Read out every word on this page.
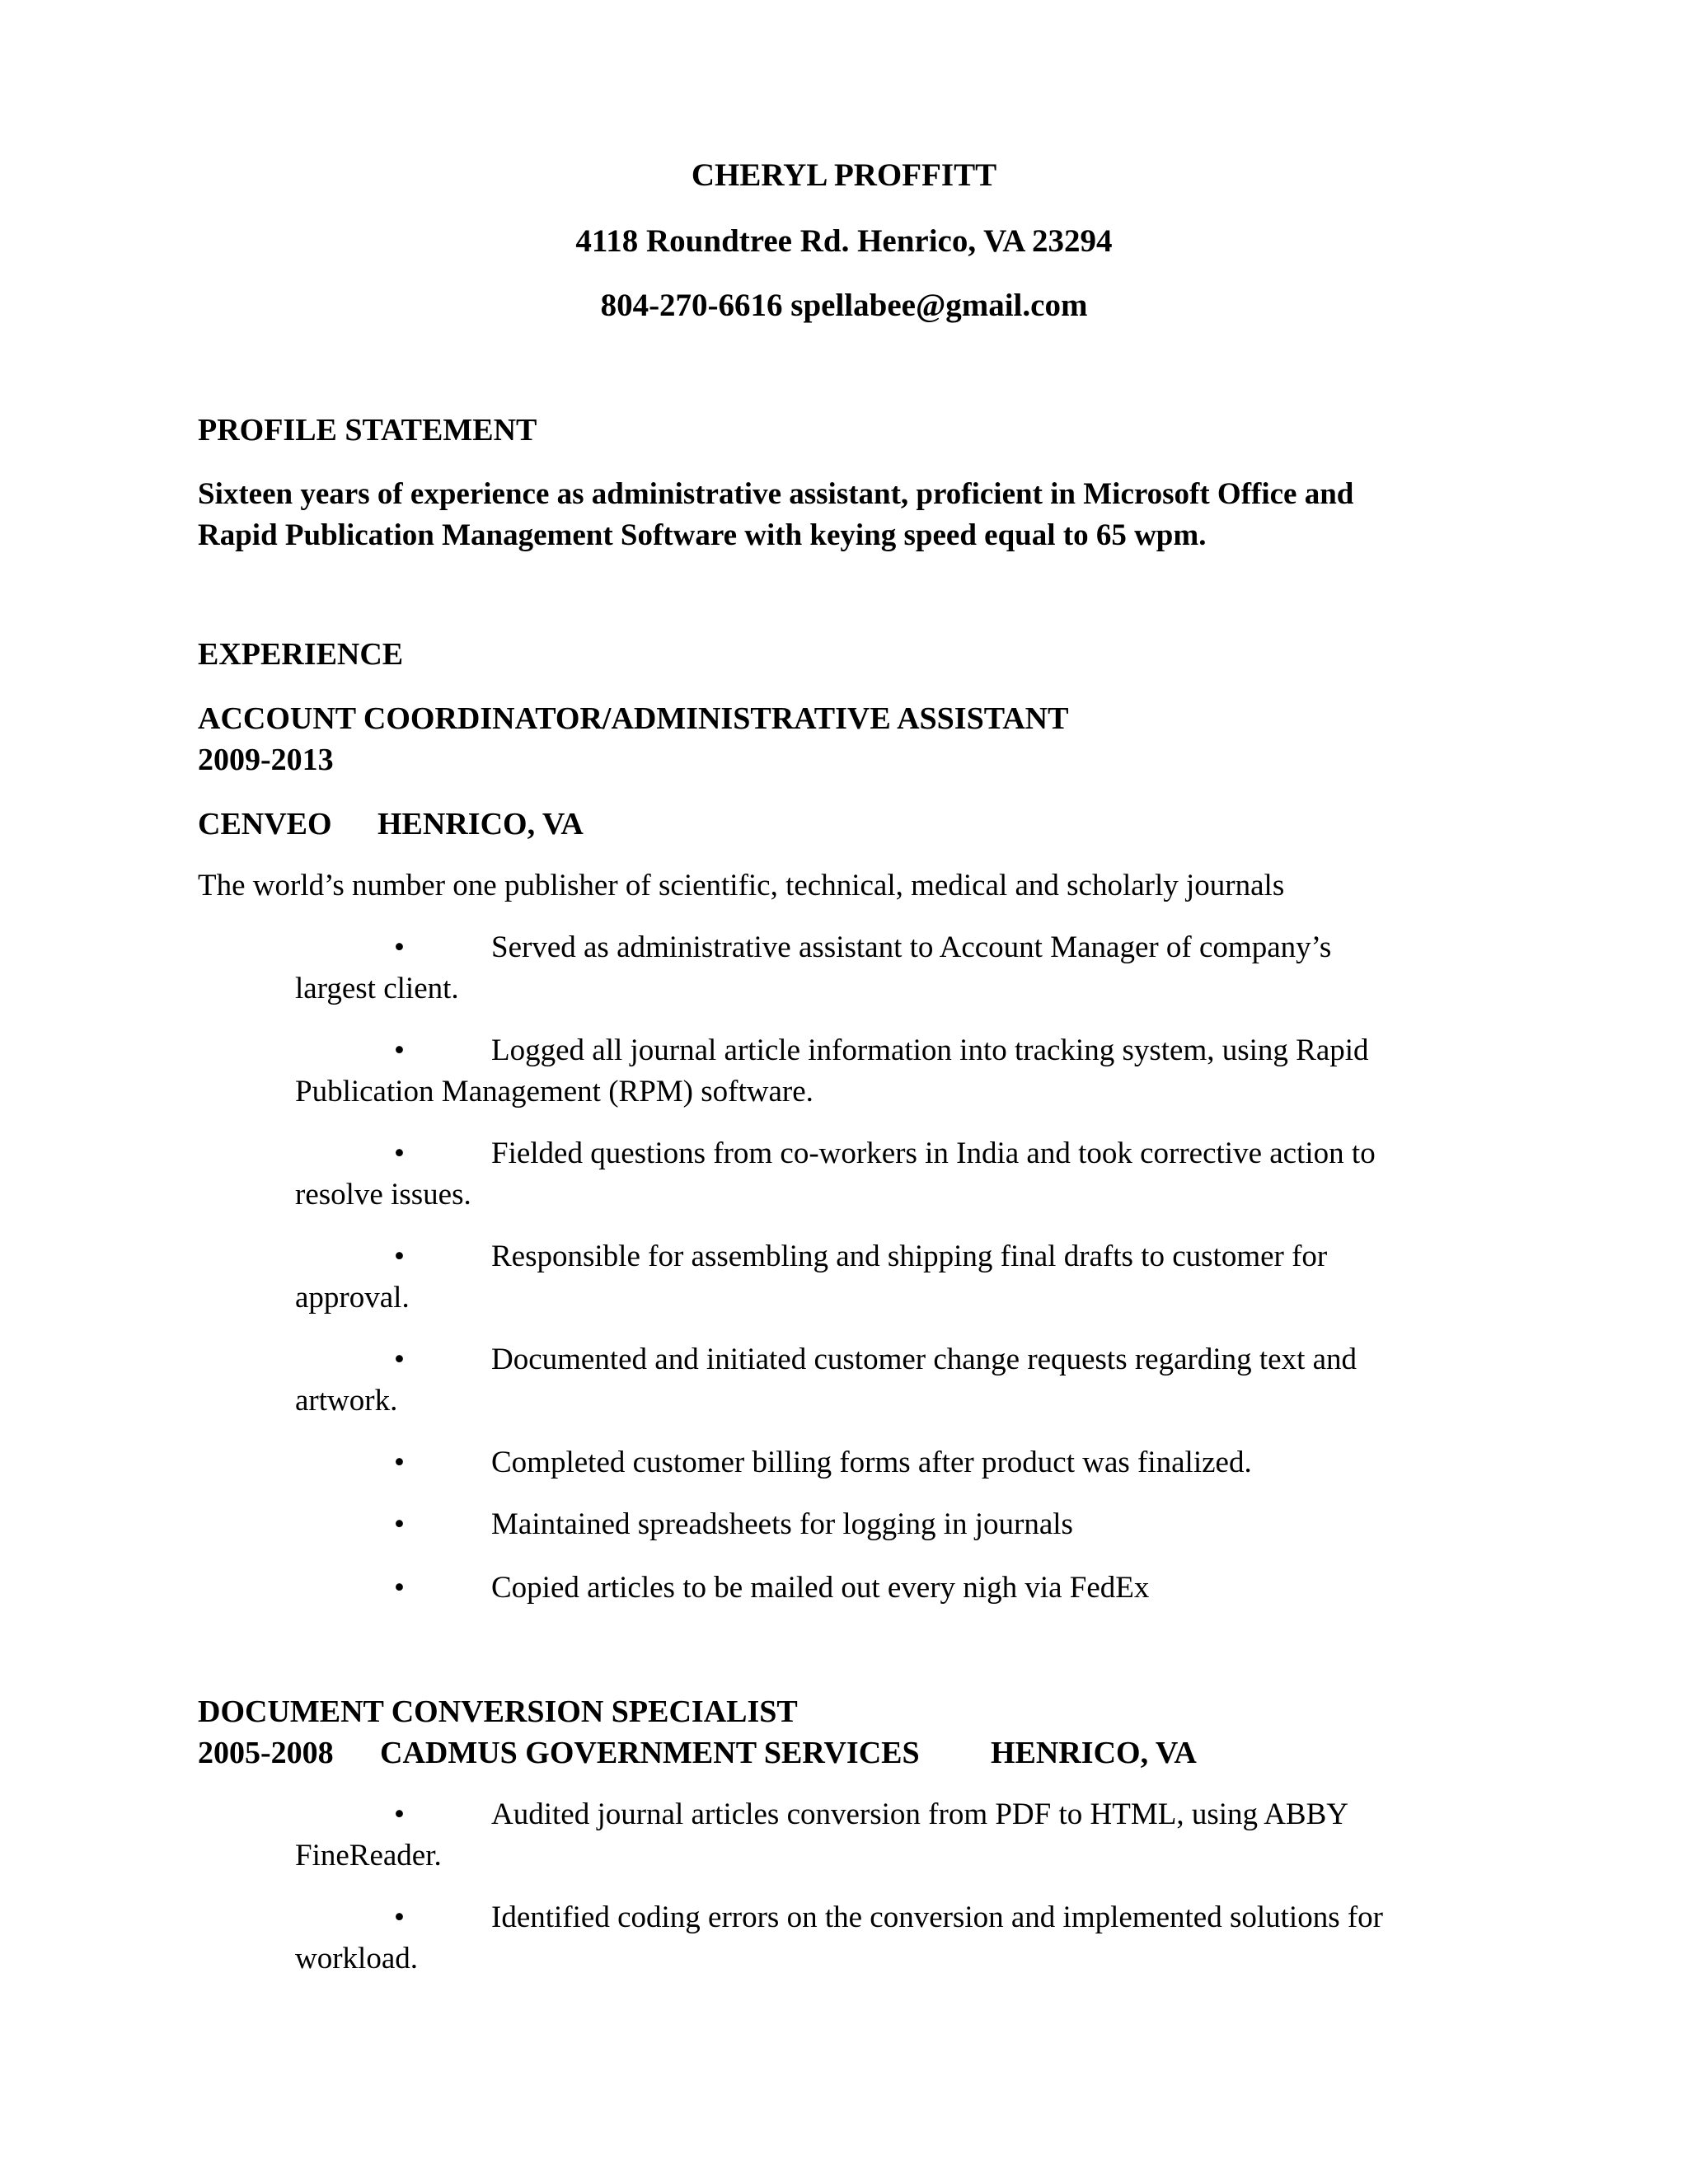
CHERYL PROFFITT
4118 Roundtree Rd. Henrico, VA 23294
804-270-6616 spellabee@gmail.com
PROFILE STATEMENT
Sixteen years of experience as administrative assistant, proficient in Microsoft Office and
Rapid Publication Management Software with keying speed equal to 65 wpm.
EXPERIENCE
ACCOUNT COORDINATOR/ADMINISTRATIVE ASSISTANT
2009-2013
CENVEO HENRICO, VA
The world’s number one publisher of scientific, technical, medical and scholarly journals
•	Served as administrative assistant to Account Manager of company’s
largest client.
•	Logged all journal article information into tracking system, using Rapid
Publication Management (RPM) software.
•	Fielded questions from co-workers in India and took corrective action to
resolve issues.
•	Responsible for assembling and shipping final drafts to customer for
approval.
•	Documented and initiated customer change requests regarding text and
artwork.
•	Completed customer billing forms after product was finalized.
•	Maintained spreadsheets for logging in journals
•	Copied articles to be mailed out every nigh via FedEx
DOCUMENT CONVERSION SPECIALIST
2005-2008 CADMUS GOVERNMENT SERVICES HENRICO, VA
•	Audited journal articles conversion from PDF to HTML, using ABBY
FineReader.
•	Identified coding errors on the conversion and implemented solutions for
workload.
